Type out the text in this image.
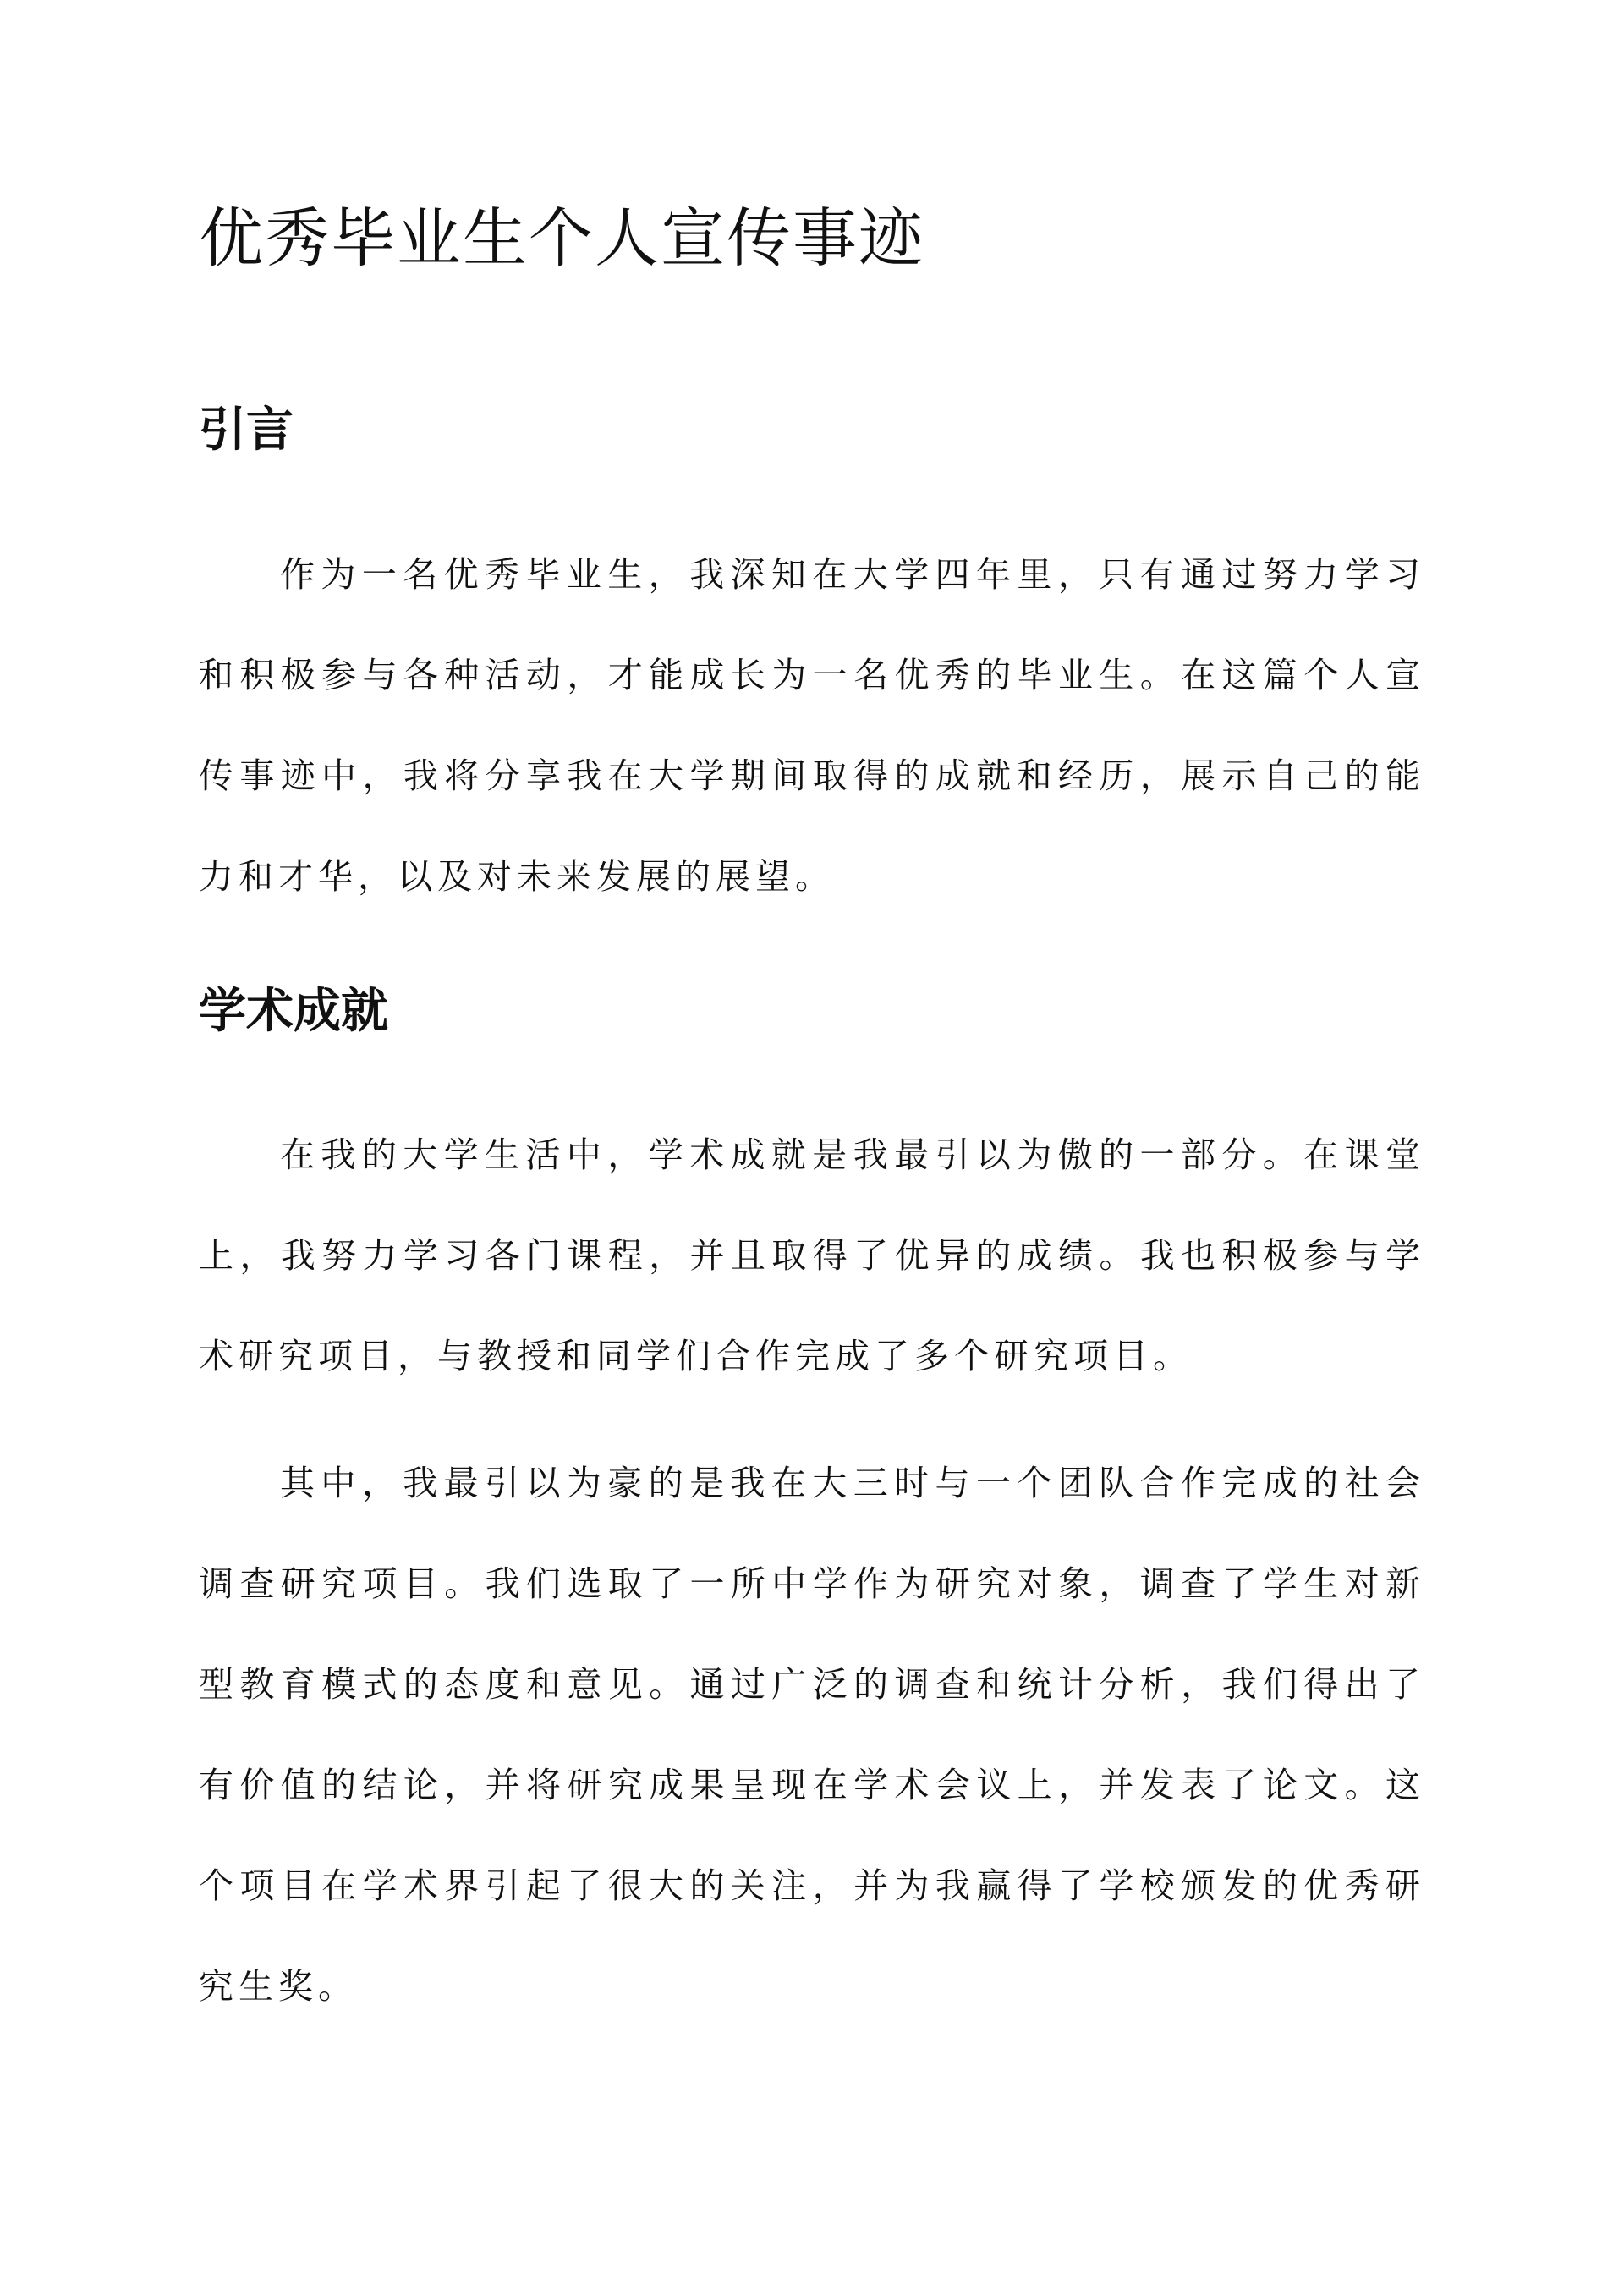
优秀毕业生个人宣传事迹
引言

作为一名优秀毕业生，我深知在大学四年里，只有通过努力学习和积极参与各种活动，才能成长为一名优秀的毕业生。在这篇个人宣传事迹中，我将分享我在大学期间取得的成就和经历，展示自己的能力和才华，以及对未来发展的展望。

学术成就

在我的大学生活中，学术成就是我最引以为傲的一部分。在课堂上，我努力学习各门课程，并且取得了优异的成绩。我也积极参与学术研究项目，与教授和同学们合作完成了多个研究项目。

其中，我最引以为豪的是我在大三时与一个团队合作完成的社会调查研究项目。我们选取了一所中学作为研究对象，调查了学生对新型教育模式的态度和意见。通过广泛的调查和统计分析，我们得出了有价值的结论，并将研究成果呈现在学术会议上，并发表了论文。这个项目在学术界引起了很大的关注，并为我赢得了学校颁发的优秀研究生奖。
